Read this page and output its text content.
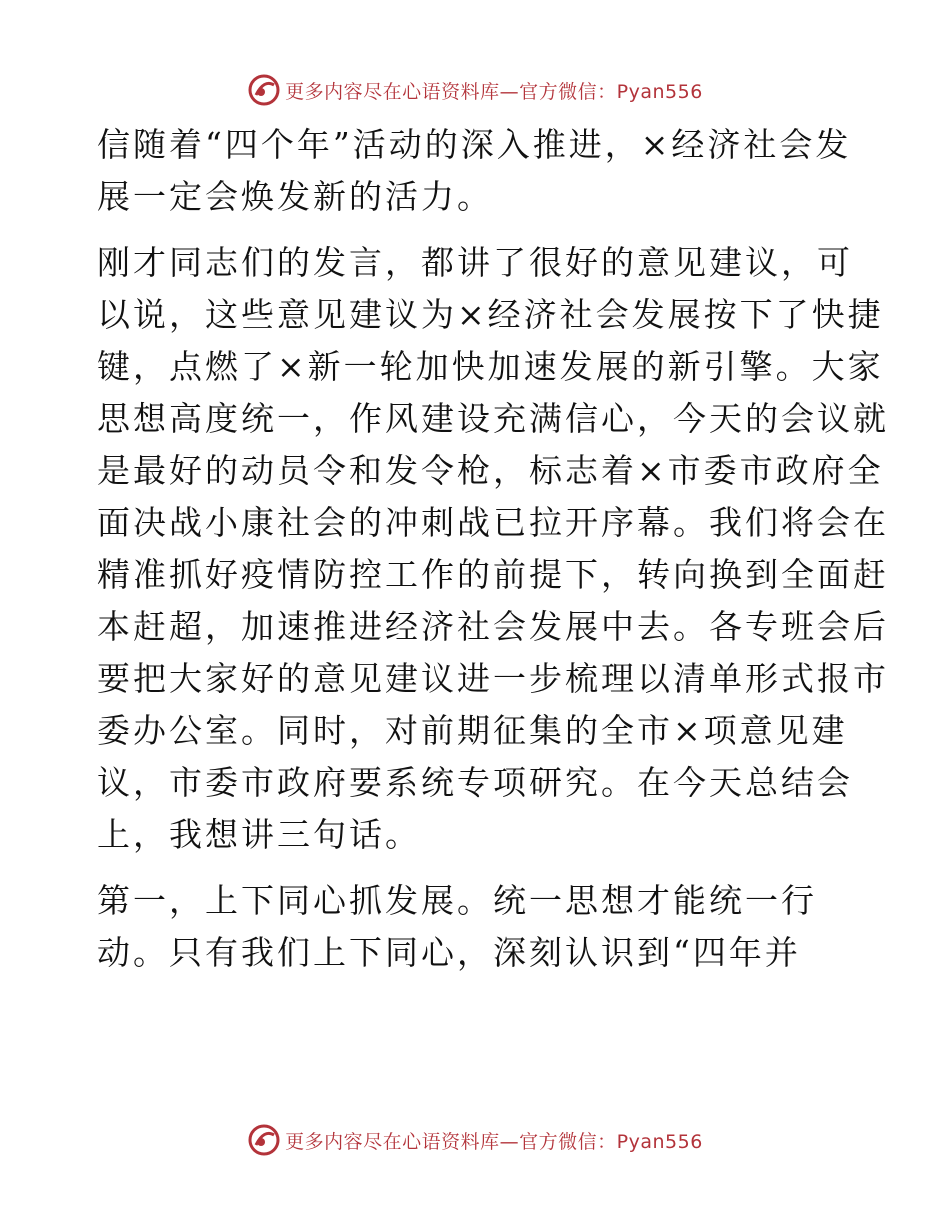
更多内容尽在心语资料库—官方微信：Pyan556

信随着“四个年”活动的深入推进，×经济社会发
展一定会焕发新的活力。

刚才同志们的发言，都讲了很好的意见建议，可
以说，这些意见建议为×经济社会发展按下了快捷
键，点燃了×新一轮加快加速发展的新引擎。大家
思想高度统一，作风建设充满信心，今天的会议就
是最好的动员令和发令枪，标志着×市委市政府全
面决战小康社会的冲刺战已拉开序幕。我们将会在
精准抓好疫情防控工作的前提下，转向换到全面赶
本赶超，加速推进经济社会发展中去。各专班会后
要把大家好的意见建议进一步梳理以清单形式报市
委办公室。同时，对前期征集的全市×项意见建
议，市委市政府要系统专项研究。在今天总结会
上，我想讲三句话。

第一，上下同心抓发展。统一思想才能统一行
动。只有我们上下同心，深刻认识到“四年并

更多内容尽在心语资料库—官方微信：Pyan556
